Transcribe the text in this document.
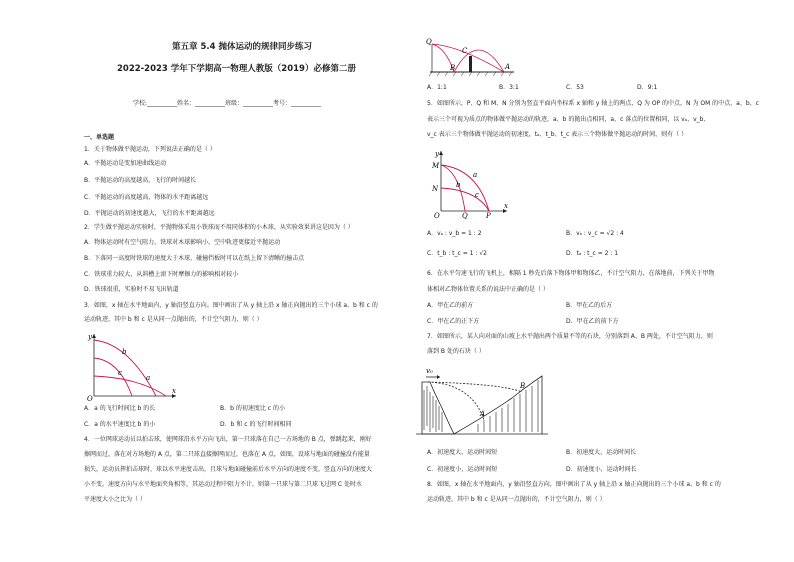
第五章 5.4 抛体运动的规律同步练习
2022-2023 学年下学期高一物理人教版（2019）必修第二册
学校:__________姓名：__________班级：__________考号：__________
一、单选题
1．关于物体做平抛运动，下列说法正确的是（ ）
A．平抛运动是变加速曲线运动
B．平抛运动的高度越高，飞行的时间越长
C．平抛运动的高度越高，物体的水平距离越远
D．平抛运动的初速度越大，飞行的水平距离越远
2．学生做平抛运动实验时，平抛物体采用小铁球而不用同体积的小木球，从实验效果讲这是因为（ ）
A．物体运动时有空气阻力，铁球对木球影响小，空中轨迹更接近平抛运动
B．下落同一高度时铁球的速度大于木球，碰撞挡板时可以在纸上留下清晰的撞击点
C．铁球重力较大，从斜槽上滚下时摩擦力的影响相对较小
D．铁球很重，实验时不易飞出轨道
3．如图，x 轴在水平地面内，y 轴沿竖直方向。图中画出了从 y 轴上沿 x 轴正向抛出的三个小球 a、b 和 c 的
运动轨迹，其中 b 和 c 是从同一点抛出的，不计空气阻力，则（ ）
y
x
O
b
c
a
A．a 的飞行时间比 b 的长	B．b 的初速度比 c 的小
C．a 的水平速度比 b 的小	D．b 和 c 的飞行时间相同
4．一位网球运动员以拍击球，使网球沿水平方向飞出，第一只球落在自己一方场地的 B 点，弹跳起来，刚好
擦网而过，落在对方场地的 A 点，第二只球直接擦网而过，也落在 A 点，如图，设球与地面的碰撞没有能量
损失，运动员挥拍击球时，球以水平速度击出，且球与地面碰撞前后水平方向的速度不变，竖直方向的速度大
小不变，速度方向与水平地面夹角相等，其运动过程中阻力不计，则第一只球与第二只球飞过网 C 处时水
平速度大小之比为（ ）
Q
C
B	A
A．1:1	B．3:1	C．53	D．9:1
5．如图所示，P、Q 和 M、N 分别为竖直平面内坐标系 x 轴和 y 轴上的两点，Q 为 OP 的中点，N 为 OM 的中点，a、b、c
表示三个可视为质点的物体做平抛运动的轨迹，a、b 的抛出点相同，a、c 落点的位置相同，以 vₐ、v_b、
v_c 表示三个物体做平抛运动的初速度，tₐ、t_b、t_c 表示三个物体做平抛运动的时间，则有（ ）
y
M
N
O	Q	P
x
a
b
c
A．vₐ : v_b = 1 : 2	B．vₐ : v_c = √2 : 4
C．t_b : t_c = 1 : √2	D．tₐ : t_c = 2 : 1
6．在水平匀速飞行的飞机上，相隔 1 秒先后落下物体甲和物体乙，不计空气阻力，在落地前，下列关于甲物
体相对乙物体位置关系的说法中正确的是（ ）
A．甲在乙的前方	B．甲在乙的后方
C．甲在乙的正下方	D．甲在乙的前下方
7．如图所示，某人向对面的山坡上水平抛出两个质量不等的石块，分别落到 A、B 两处，不计空气阻力，则
落到 B 处的石块（ ）
v₀
A
B
A．初速度大，运动时间短	B．初速度大，运动时间长
C．初速度小，运动时间短	D．初速度小，运动时间长
8．如图，x 轴在水平地面内，y 轴沿竖直方向，图中画出了从 y 轴上沿 x 轴正向抛出的三个小球 a、b 和 c 的
运动轨迹，其中 b 和 c 是从同一点抛出的，不计空气阻力，则（ ）
